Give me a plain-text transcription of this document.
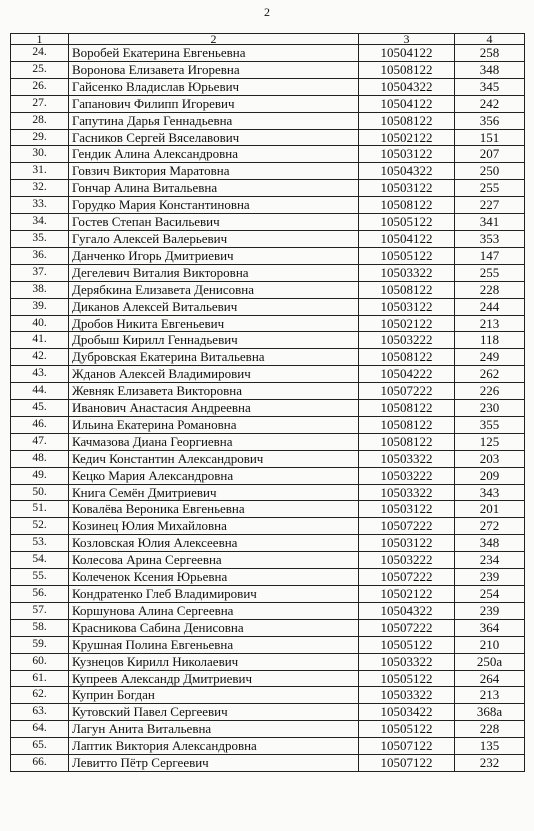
2
1	2	3	4
24.	Воробей Екатерина Евгеньевна	10504122	258
25.	Воронова Елизавета Игоревна	10508122	348
26.	Гайсенко Владислав Юрьевич	10504322	345
27.	Гапанович Филипп Игоревич	10504122	242
28.	Гапутина Дарья Геннадьевна	10508122	356
29.	Гасников Сергей Вяселавович	10502122	151
30.	Гендик Алина Александровна	10503122	207
31.	Говзич Виктория Маратовна	10504322	250
32.	Гончар Алина Витальевна	10503122	255
33.	Горудко Мария Константиновна	10508122	227
34.	Гостев Степан Васильевич	10505122	341
35.	Гугало Алексей Валерьевич	10504122	353
36.	Данченко Игорь Дмитриевич	10505122	147
37.	Дегелевич Виталия Викторовна	10503322	255
38.	Дерябкина Елизавета Денисовна	10508122	228
39.	Диканов Алексей Витальевич	10503122	244
40.	Дробов Никита Евгеньевич	10502122	213
41.	Дробыш Кирилл Геннадьевич	10503222	118
42.	Дубровская Екатерина Витальевна	10508122	249
43.	Жданов Алексей Владимирович	10504222	262
44.	Жевняк Елизавета Викторовна	10507222	226
45.	Иванович Анастасия Андреевна	10508122	230
46.	Ильина Екатерина Романовна	10508122	355
47.	Качмазова Диана Георгиевна	10508122	125
48.	Кедич Константин Александрович	10503322	203
49.	Кецко Мария Александровна	10503222	209
50.	Книга Семён Дмитриевич	10503322	343
51.	Ковалёва Вероника Евгеньевна	10503122	201
52.	Козинец Юлия Михайловна	10507222	272
53.	Козловская Юлия Алексеевна	10503122	348
54.	Колесова Арина Сергеевна	10503222	234
55.	Колеченок Ксения Юрьевна	10507222	239
56.	Кондратенко Глеб Владимирович	10502122	254
57.	Коршунова Алина Сергеевна	10504322	239
58.	Красникова Сабина Денисовна	10507222	364
59.	Крушная Полина Евгеньевна	10505122	210
60.	Кузнецов Кирилл Николаевич	10503322	250а
61.	Купреев Александр Дмитриевич	10505122	264
62.	Куприн Богдан	10503322	213
63.	Кутовский Павел Сергеевич	10503422	368а
64.	Лагун Анита Витальевна	10505122	228
65.	Лаптик Виктория Александровна	10507122	135
66.	Левитто Пётр Сергеевич	10507122	232
